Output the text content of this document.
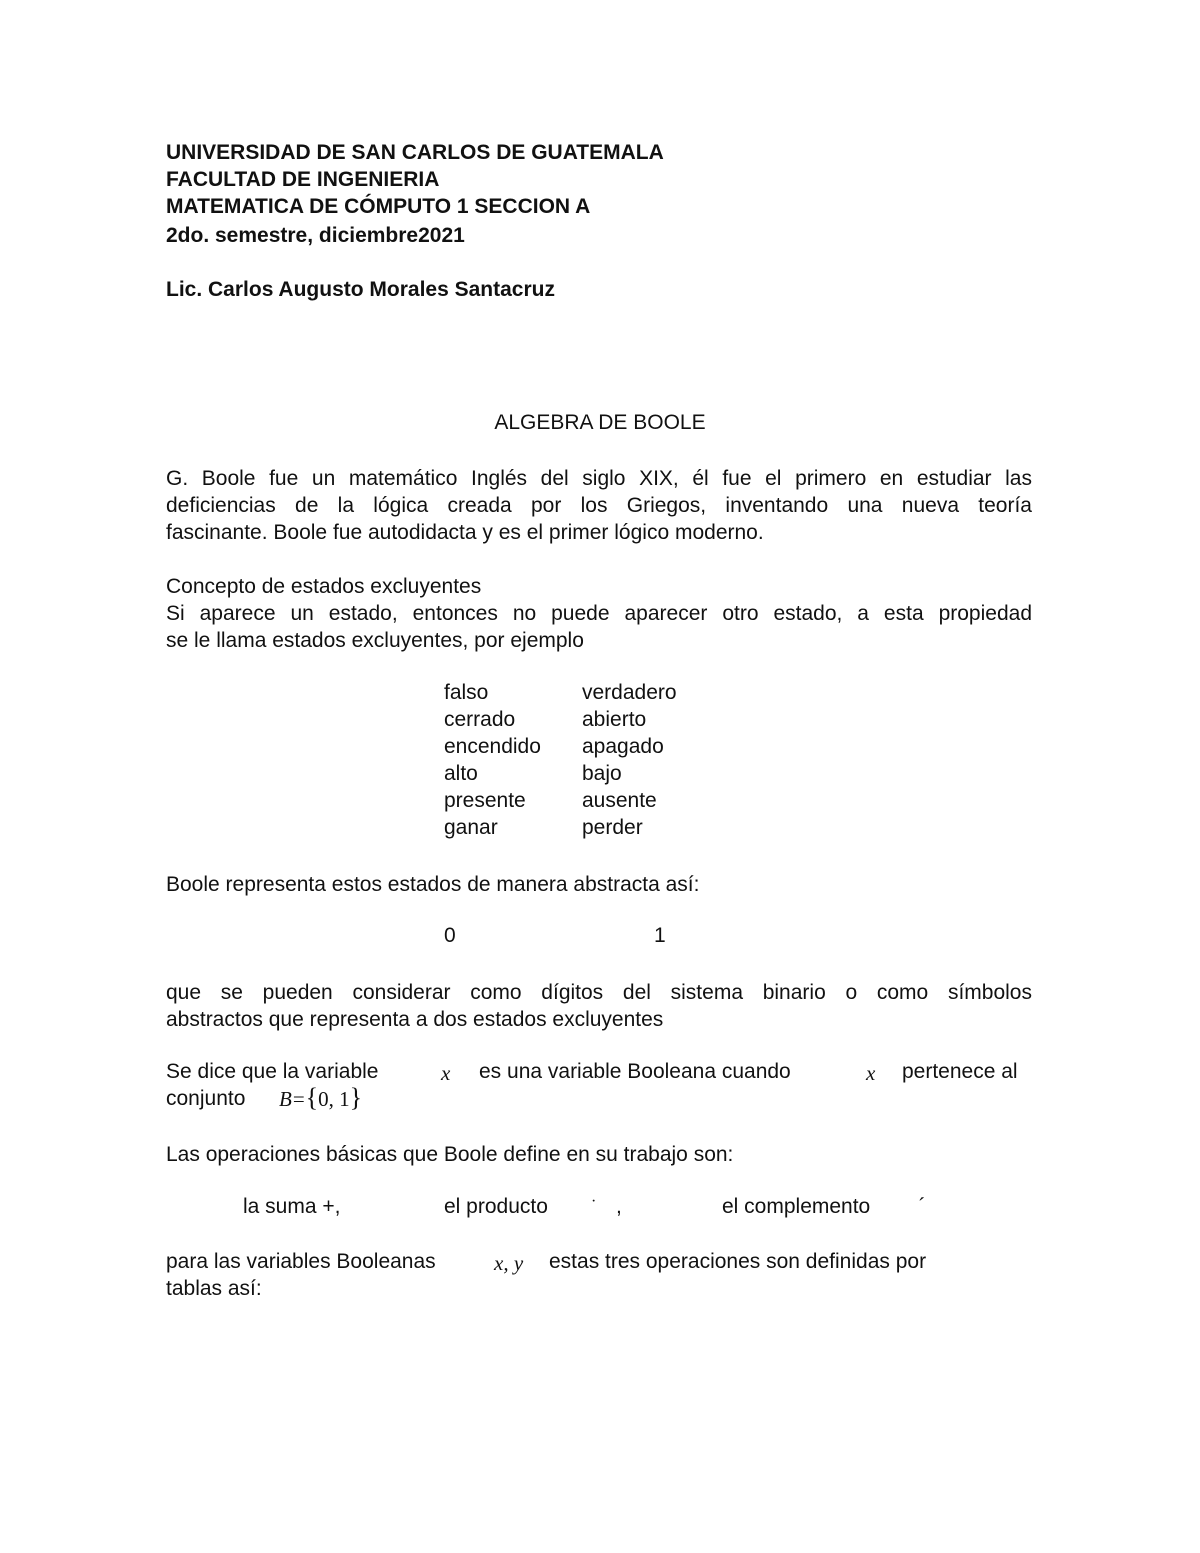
UNIVERSIDAD DE SAN CARLOS DE GUATEMALA
FACULTAD DE INGENIERIA
MATEMATICA DE CÓMPUTO 1 SECCION A
2do. semestre, diciembre2021
Lic. Carlos Augusto Morales Santacruz
ALGEBRA DE BOOLE
G. Boole fue un matemático Inglés del siglo XIX, él fue el primero en estudiar las
deficiencias de la lógica creada por los Griegos, inventando una nueva teoría
fascinante. Boole fue autodidacta y es el primer lógico moderno.
Concepto de estados excluyentes
Si aparece un estado, entonces no puede aparecer otro estado, a esta propiedad
se le llama estados excluyentes, por ejemplo
falso	verdadero
cerrado	abierto
encendido apagado
alto	bajo
presente	ausente
ganar	perder
Boole representa estos estados de manera abstracta así:
0	1
que se pueden considerar como dígitos del sistema binario o como símbolos
abstractos que representa a dos estados excluyentes
Se dice que la variable	x es una variable Booleana cuando	x pertenece al
conjunto B={0, 1}
Las operaciones básicas que Boole define en su trabajo son:
la suma +,	el producto	· ,	el complemento ´
para las variables Booleanas	x, y estas tres operaciones son definidas por
tablas así:
